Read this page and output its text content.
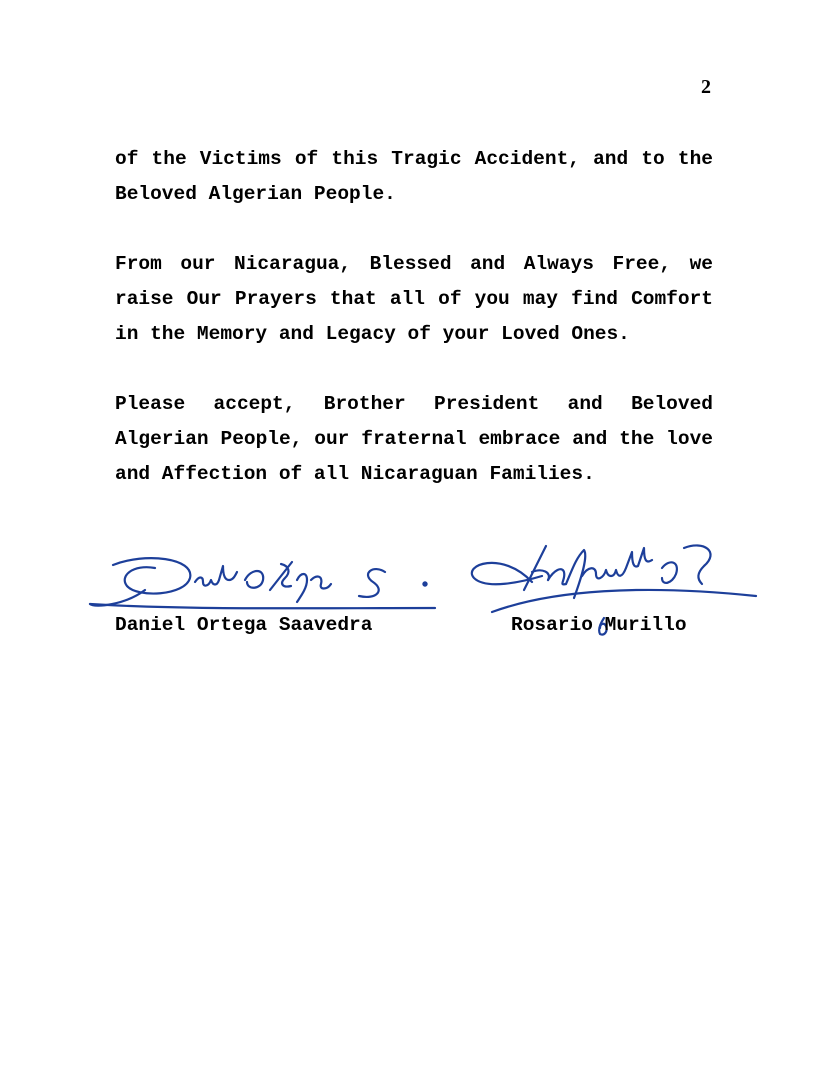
2

of the Victims of this Tragic Accident, and to the Beloved Algerian People.

From our Nicaragua, Blessed and Always Free, we raise Our Prayers that all of you may find Comfort in the Memory and Legacy of your Loved Ones.

Please accept, Brother President and Beloved Algerian People, our fraternal embrace and the love and Affection of all Nicaraguan Families.

Daniel Ortega Saavedra	Rosario Murillo
